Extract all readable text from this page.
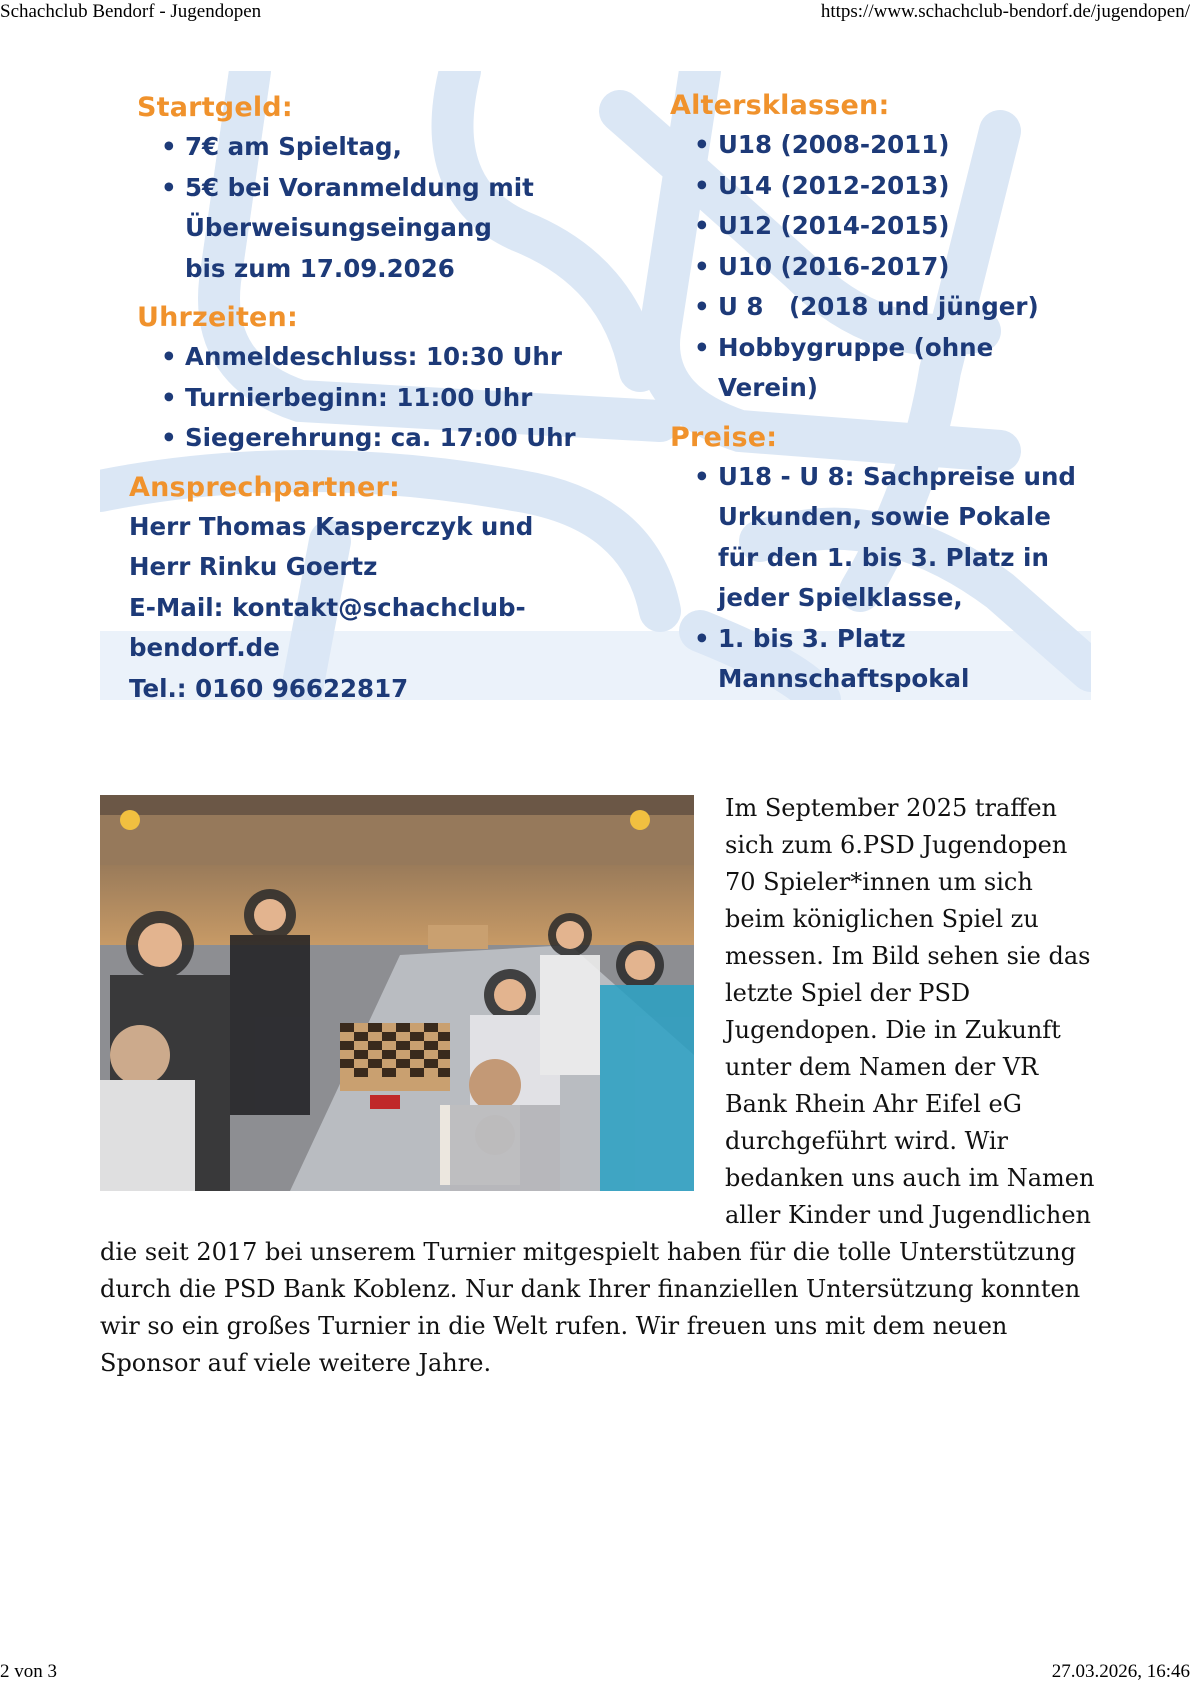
Schachclub Bendorf - Jugendopen	https://www.schachclub-bendorf.de/jugendopen/

Startgeld:

• 7€ am Spieltag,
• 5€ bei Voranmeldung mit
Überweisungseingang
bis zum 17.09.2026

Uhrzeiten:

• Anmeldeschluss: 10:30 Uhr
• Turnierbeginn: 11:00 Uhr
• Siegerehrung: ca. 17:00 Uhr

Ansprechpartner:

Herr Thomas Kasperczyk und

Herr Rinku Goertz

E-Mail: kontakt@schachclub-bendorf.de

Tel.: 0160 96622817

Altersklassen:

• U18 (2008-2011)
• U14 (2012-2013)
• U12 (2014-2015)
• U10 (2016-2017)
• U 8   (2018 und jünger)
• Hobbygruppe (ohne Verein)

Preise:

• U18 - U 8: Sachpreise und
Urkunden, sowie Pokale
für den 1. bis 3. Platz in
jeder Spielklasse,
• 1. bis 3. Platz
Mannschaftspokal

Im September 2025 traffen

sich zum 6.PSD Jugendopen

70 Spieler*innen um sich

beim königlichen Spiel zu

messen. Im Bild sehen sie das

letzte Spiel der PSD

Jugendopen. Die in Zukunft

unter dem Namen der VR

Bank Rhein Ahr Eifel eG

durchgeführt wird. Wir

bedanken uns auch im Namen

aller Kinder und Jugendlichen

die seit 2017 bei unserem Turnier mitgespielt haben für die tolle Unterstützung

durch die PSD Bank Koblenz. Nur dank Ihrer finanziellen Untersützung konnten

wir so ein großes Turnier in die Welt rufen. Wir freuen uns mit dem neuen

Sponsor auf viele weitere Jahre.

2 von 3	27.03.2026, 16:46
